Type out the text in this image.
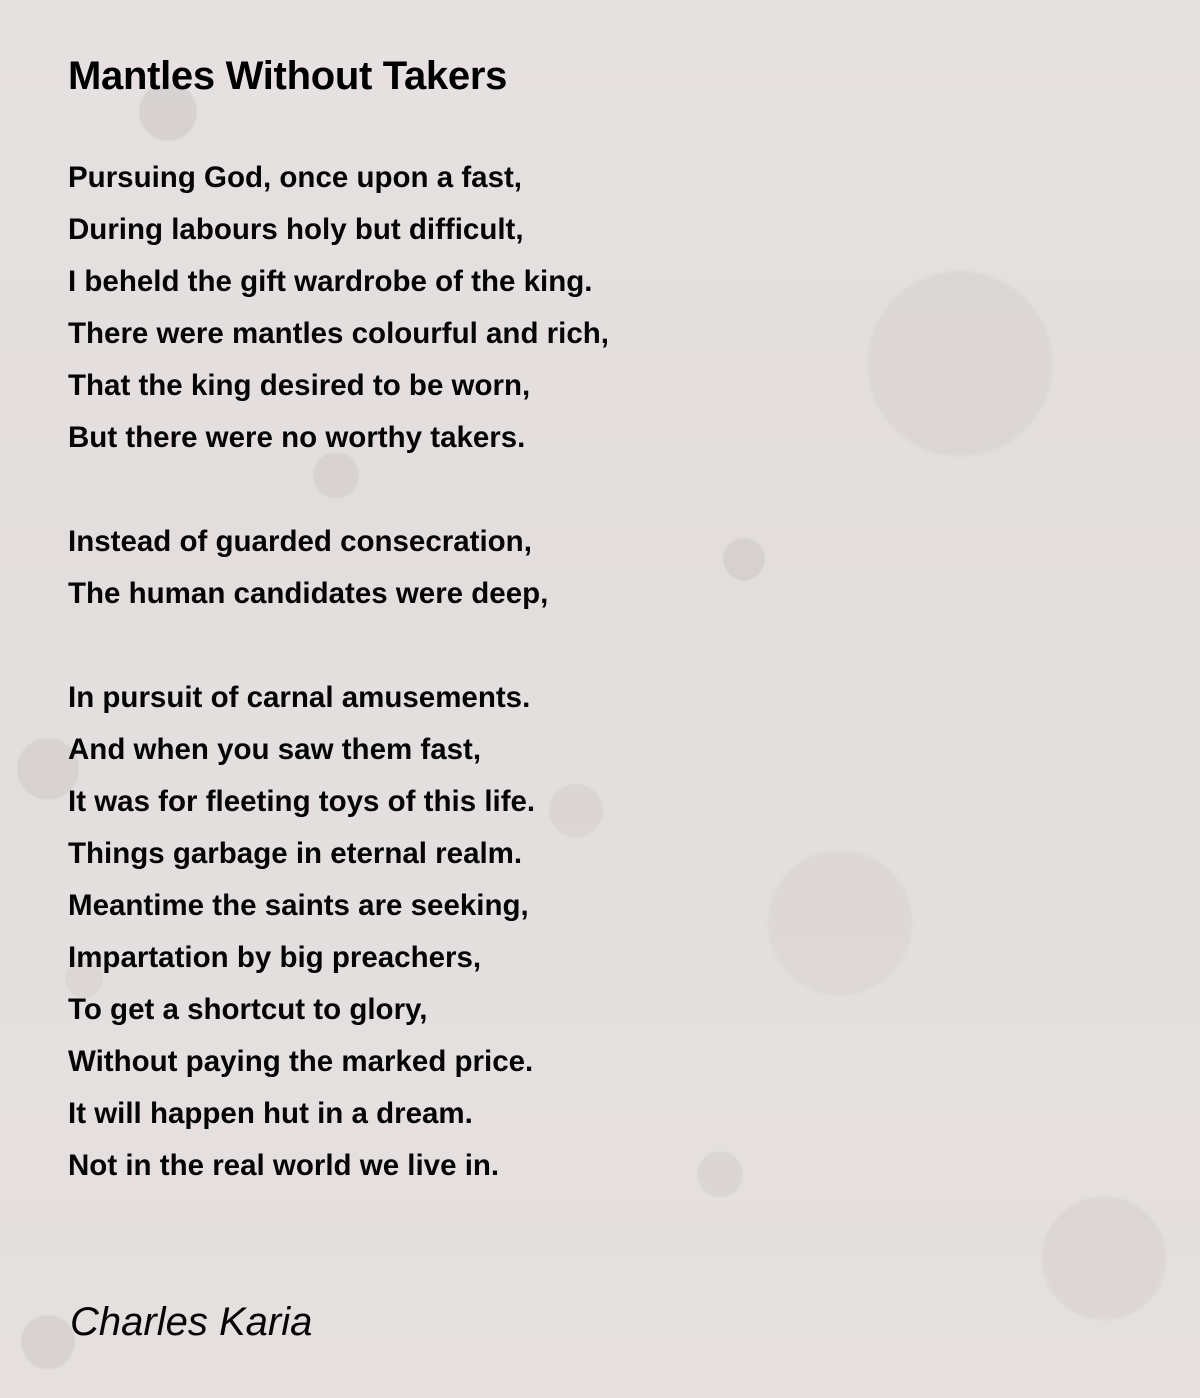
Mantles Without Takers

Pursuing God, once upon a fast,
During labours holy but difficult,
I beheld the gift wardrobe of the king.
There were mantles colourful and rich,
That the king desired to be worn,
But there were no worthy takers.

Instead of guarded consecration,
The human candidates were deep,

In pursuit of carnal amusements.
And when you saw them fast,
It was for fleeting toys of this life.
Things garbage in eternal realm.
Meantime the saints are seeking,
Impartation by big preachers,
To get a shortcut to glory,
Without paying the marked price.
It will happen hut in a dream.
Not in the real world we live in.

Charles Karia
